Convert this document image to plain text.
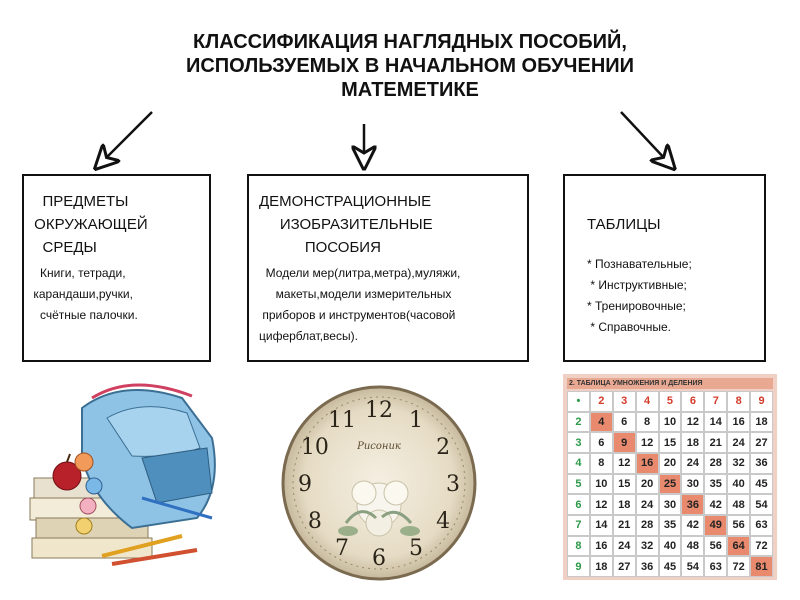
КЛАССИФИКАЦИЯ НАГЛЯДНЫХ ПОСОБИЙ,
ИСПОЛЬЗУЕМЫХ В НАЧАЛЬНОМ ОБУЧЕНИИ
МАТЕМЕТИКЕ
ПРЕДМЕТЫ
ОКРУЖАЮЩЕЙ
СРЕДЫ
Книги, тетради,
карандаши,ручки,
счётные палочки.
ДЕМОНСТРАЦИОННЫЕ
ИЗОБРАЗИТЕЛЬНЫЕ
ПОСОБИЯ
Модели мер(литра,метра),муляжи,
макеты,модели измерительных
приборов и инструментов(часовой
циферблат,весы).
ТАБЛИЦЫ
* Познавательные;
* Инструктивные;
* Тренировочные;
* Справочные.
Рисоник
12 1
2
3
4
5
6
7
8
9
10
11
2. ТАБЛИЦА УМНОЖЕНИЯ И ДЕЛЕНИЯ
•	2	3	4	5	6	7	8	9
2	4	6	8	10 12 14 16 18
3	6	9	12 15 18 21 24 27
4	8	12 16 20 24 28 32 36
5	10 15 20 25 30 35 40 45
6	12 18 24 30 36 42 48 54
7	14 21 28 35 42 49 56 63
8	16 24 32 40 48 56 64 72
9	18 27 36 45 54 63 72 81
